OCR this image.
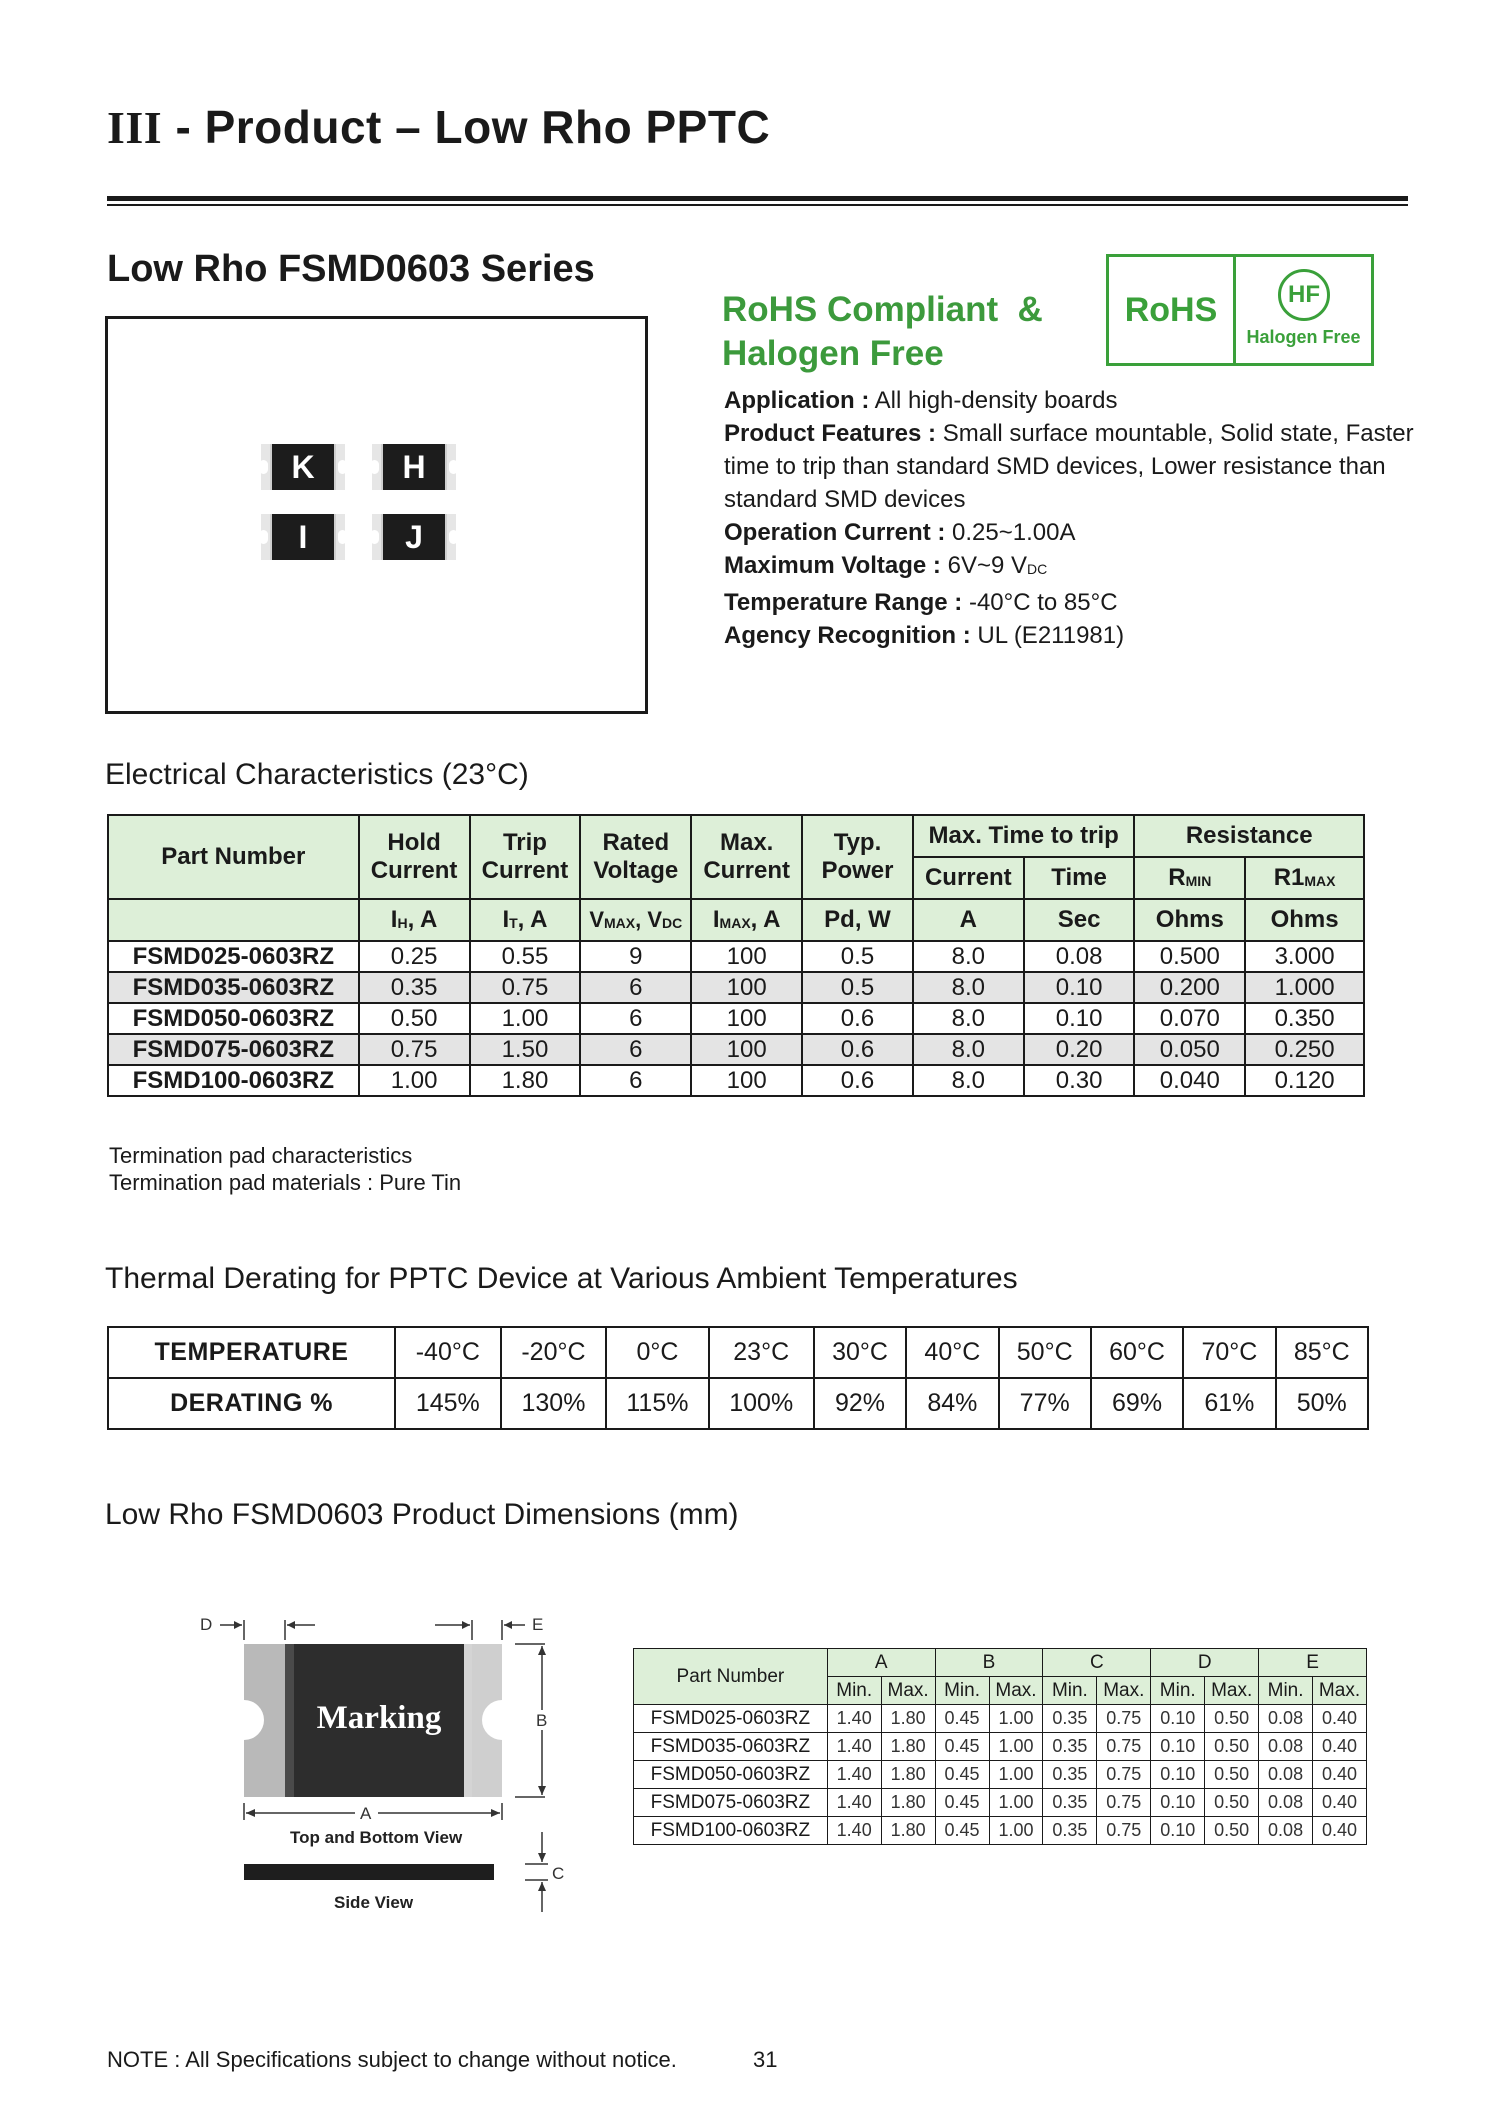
III - Product – Low Rho PPTC
Low Rho FSMD0603 Series
K	H
I	J
RoHS Compliant  &
Halogen Free
RoHS	HF
Halogen Free
Application : All high-density boards
Product Features : Small surface mountable, Solid state, Faster time to trip than standard SMD devices, Lower resistance than standard SMD devices
Operation Current : 0.25~1.00A
Maximum Voltage : 6V~9 $V_{DC}$
Temperature Range : -40°C to 85°C
Agency Recognition : UL (E211981)
Electrical Characteristics (23°C)
Part Number	Hold Current	Trip Current	Rated Voltage	Max. Current	Typ. Power	Max. Time to trip		Resistance	
						Current	Time	$R_{MIN}$	$R1_{MAX}$
	$I_H$, A	$I_T$, A	$V_{MAX}$, $V_{DC}$	$I_{MAX}$, A	Pd, W	A	Sec	Ohms	Ohms
FSMD025-0603RZ	0.25	0.55	9	100	0.5	8.0	0.08	0.500	3.000
FSMD035-0603RZ	0.35	0.75	6	100	0.5	8.0	0.10	0.200	1.000
FSMD050-0603RZ	0.50	1.00	6	100	0.6	8.0	0.10	0.070	0.350
FSMD075-0603RZ	0.75	1.50	6	100	0.6	8.0	0.20	0.050	0.250
FSMD100-0603RZ	1.00	1.80	6	100	0.6	8.0	0.30	0.040	0.120
Termination pad characteristics
Termination pad materials : Pure Tin
Thermal Derating for PPTC Device at Various Ambient Temperatures
TEMPERATURE	-40°C	-20°C	0°C	23°C	30°C	40°C	50°C	60°C	70°C	85°C
DERATING %	145%	130%	115%	100%	92%	84%	77%	69%	61%	50%
Low Rho FSMD0603 Product Dimensions (mm)
D	E
B
A
C
Marking
Top and Bottom View
Side View
Part Number	A		B		C		D		E	
	Min.	Max.	Min.	Max.	Min.	Max.	Min.	Max.	Min.	Max.
FSMD025-0603RZ	1.40	1.80	0.45	1.00	0.35	0.75	0.10	0.50	0.08	0.40
FSMD035-0603RZ	1.40	1.80	0.45	1.00	0.35	0.75	0.10	0.50	0.08	0.40
FSMD050-0603RZ	1.40	1.80	0.45	1.00	0.35	0.75	0.10	0.50	0.08	0.40
FSMD075-0603RZ	1.40	1.80	0.45	1.00	0.35	0.75	0.10	0.50	0.08	0.40
FSMD100-0603RZ	1.40	1.80	0.45	1.00	0.35	0.75	0.10	0.50	0.08	0.40
NOTE : All Specifications subject to change without notice.	31
